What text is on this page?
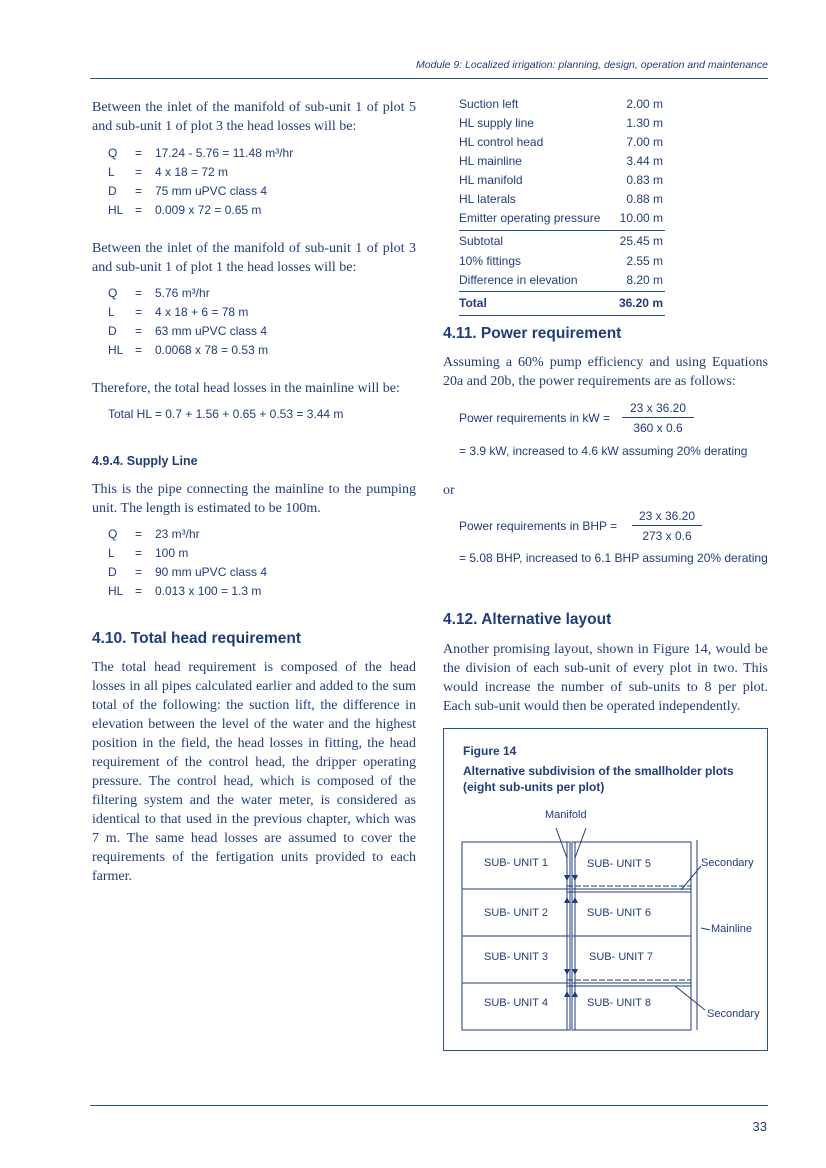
Module 9: Localized irrigation: planning, design, operation and maintenance
Between the inlet of the manifold of sub-unit 1 of plot 5 and sub-unit 1 of plot 3 the head losses will be:
Q = 17.24 - 5.76 = 11.48 m³/hr
L = 4 x 18 = 72 m
D = 75 mm uPVC class 4
HL = 0.009 x 72 = 0.65 m
Between the inlet of the manifold of sub-unit 1 of plot 3 and sub-unit 1 of plot 1 the head losses will be:
Q = 5.76 m³/hr
L = 4 x 18 + 6 = 78 m
D = 63 mm uPVC class 4
HL = 0.0068 x 78 = 0.53 m
Therefore, the total head losses in the mainline will be:
Total HL = 0.7 + 1.56 + 0.65 + 0.53 = 3.44 m
4.9.4. Supply Line
This is the pipe connecting the mainline to the pumping unit. The length is estimated to be 100m.
Q = 23 m³/hr
L = 100 m
D = 90 mm uPVC class 4
HL = 0.013 x 100 = 1.3 m
4.10. Total head requirement
The total head requirement is composed of the head losses in all pipes calculated earlier and added to the sum total of the following: the suction lift, the difference in elevation between the level of the water and the highest position in the field, the head losses in fitting, the head requirement of the control head, the dripper operating pressure. The control head, which is composed of the filtering system and the water meter, is considered as identical to that used in the previous chapter, which was 7 m. The same head losses are assumed to cover the requirements of the fertigation units provided to each farmer.
Suction left	2.00 m
HL supply line	1.30 m
HL control head	7.00 m
HL mainline	3.44 m
HL manifold	0.83 m
HL laterals	0.88 m
Emitter operating pressure	10.00 m
Subtotal	25.45 m
10% fittings	2.55 m
Difference in elevation	8.20 m
Total	36.20 m
4.11. Power requirement
Assuming a 60% pump efficiency and using Equations 20a and 20b, the power requirements are as follows:
Power requirements in kW =
23 x 36.20
360 x 0.6
= 3.9 kW, increased to 4.6 kW assuming 20% derating
or
Power requirements in BHP =
23 x 36.20
273 x 0.6
= 5.08 BHP, increased to 6.1 BHP assuming 20% derating
4.12. Alternative layout
Another promising layout, shown in Figure 14, would be the division of each sub-unit of every plot in two. This would increase the number of sub-units to 8 per plot. Each sub-unit would then be operated independently.
Figure 14
Alternative subdivision of the smallholder plots (eight sub-units per plot)
Manifold
Secondary
Mainline
Secondary
SUB- UNIT 1
SUB- UNIT 2
SUB- UNIT 3
SUB- UNIT 4
SUB- UNIT 5
SUB- UNIT 6
SUB- UNIT 7
SUB- UNIT 8
33
